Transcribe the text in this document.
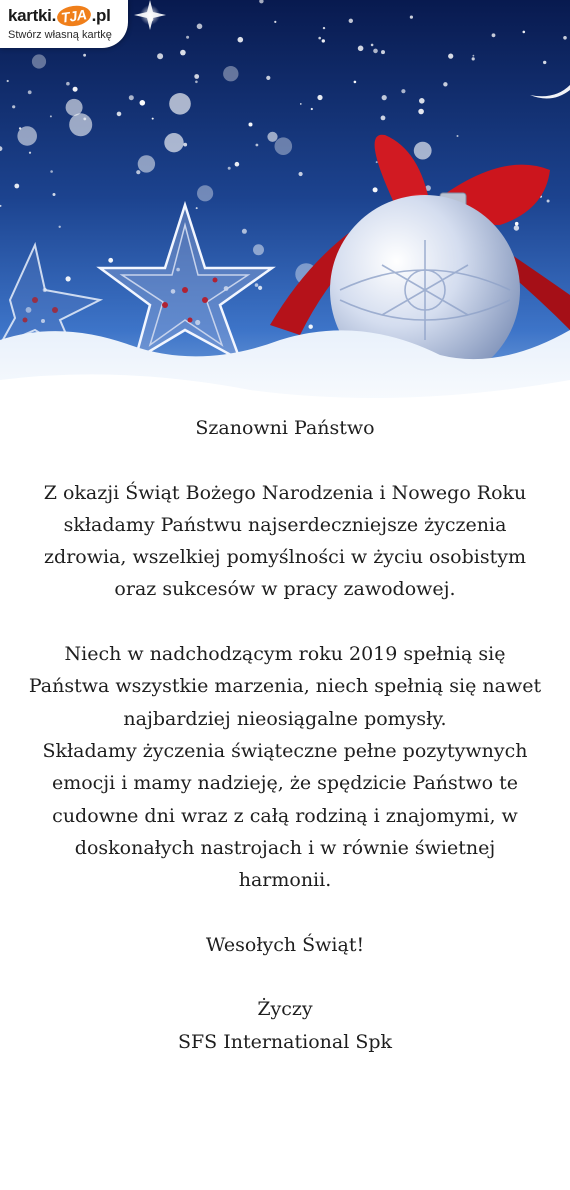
kartki. TJA .pl
Stwórz własną kartkę
Szanowni Państwo

Z okazji Świąt Bożego Narodzenia i Nowego Roku
składamy Państwu najserdeczniejsze życzenia
zdrowia, wszelkiej pomyślności w życiu osobistym
oraz sukcesów w pracy zawodowej.

Niech w nadchodzącym roku 2019 spełnią się
Państwa wszystkie marzenia, niech spełnią się nawet
najbardziej nieosiągalne pomysły.
Składamy życzenia świąteczne pełne pozytywnych
emocji i mamy nadzieję, że spędzicie Państwo te
cudowne dni wraz z całą rodziną i znajomymi, w
doskonałych nastrojach i w równie świetnej
harmonii.

Wesołych Świąt!

Życzy
SFS International Spk
